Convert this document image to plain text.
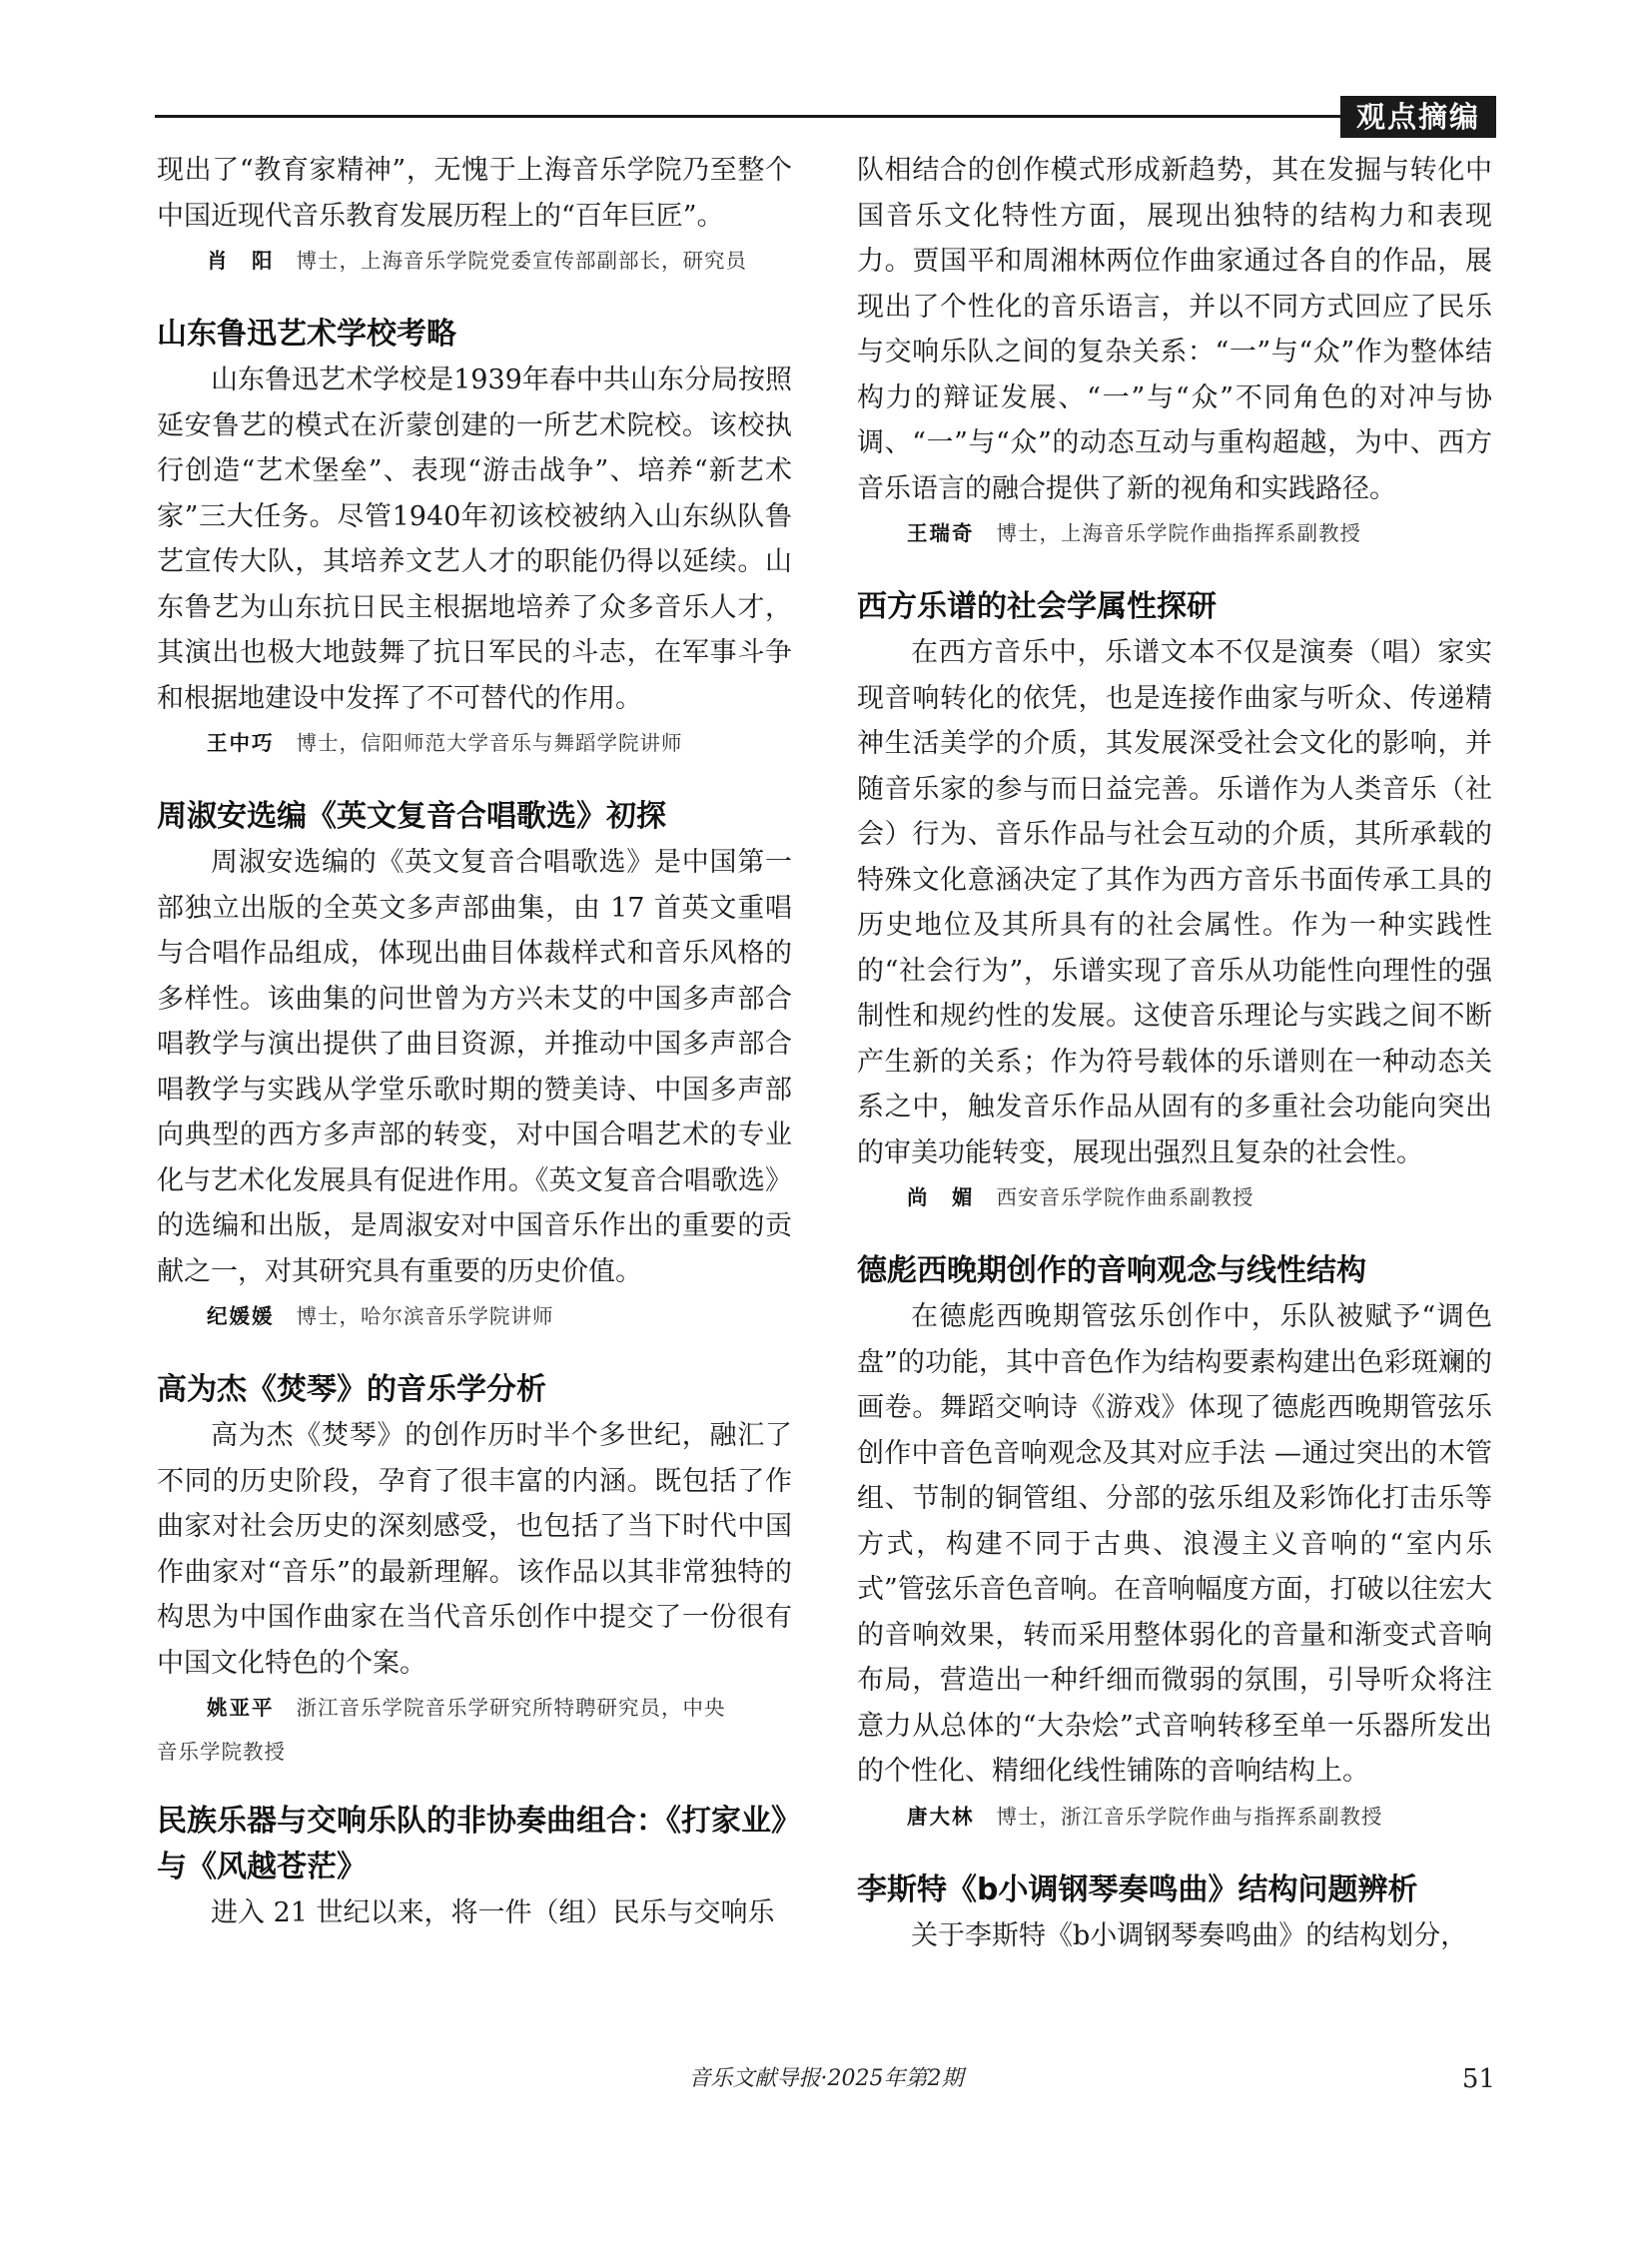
观点摘编

现出了“教育家精神”，无愧于上海音乐学院乃至整个中国近现代音乐教育发展历程上的“百年巨匠”。

肖　阳 博士，上海音乐学院党委宣传部副部长，研究员

山东鲁迅艺术学校考略

山东鲁迅艺术学校是1939年春中共山东分局按照延安鲁艺的模式在沂蒙创建的一所艺术院校。该校执行创造“艺术堡垒”、表现“游击战争”、培养“新艺术家”三大任务。尽管1940年初该校被纳入山东纵队鲁艺宣传大队，其培养文艺人才的职能仍得以延续。山东鲁艺为山东抗日民主根据地培养了众多音乐人才，其演出也极大地鼓舞了抗日军民的斗志，在军事斗争和根据地建设中发挥了不可替代的作用。

王中巧 博士，信阳师范大学音乐与舞蹈学院讲师

周淑安选编《英文复音合唱歌选》初探

周淑安选编的《英文复音合唱歌选》是中国第一部独立出版的全英文多声部曲集，由 17 首英文重唱与合唱作品组成，体现出曲目体裁样式和音乐风格的多样性。该曲集的问世曾为方兴未艾的中国多声部合唱教学与演出提供了曲目资源，并推动中国多声部合唱教学与实践从学堂乐歌时期的赞美诗、中国多声部向典型的西方多声部的转变，对中国合唱艺术的专业化与艺术化发展具有促进作用。《英文复音合唱歌选》的选编和出版，是周淑安对中国音乐作出的重要的贡献之一，对其研究具有重要的历史价值。

纪媛媛 博士，哈尔滨音乐学院讲师

高为杰《焚琴》的音乐学分析

高为杰《焚琴》的创作历时半个多世纪，融汇了不同的历史阶段，孕育了很丰富的内涵。既包括了作曲家对社会历史的深刻感受，也包括了当下时代中国作曲家对“音乐”的最新理解。该作品以其非常独特的构思为中国作曲家在当代音乐创作中提交了一份很有中国文化特色的个案。

姚亚平 浙江音乐学院音乐学研究所特聘研究员，中央
音乐学院教授

民族乐器与交响乐队的非协奏曲组合：《打家业》与《风越苍茫》

进入 21 世纪以来，将一件（组）民乐与交响乐

队相结合的创作模式形成新趋势，其在发掘与转化中国音乐文化特性方面，展现出独特的结构力和表现力。贾国平和周湘林两位作曲家通过各自的作品，展现出了个性化的音乐语言，并以不同方式回应了民乐与交响乐队之间的复杂关系：“一”与“众”作为整体结构力的辩证发展、“一”与“众”不同角色的对冲与协调、“一”与“众”的动态互动与重构超越，为中、西方音乐语言的融合提供了新的视角和实践路径。

王瑞奇 博士，上海音乐学院作曲指挥系副教授

西方乐谱的社会学属性探研

在西方音乐中，乐谱文本不仅是演奏（唱）家实现音响转化的依凭，也是连接作曲家与听众、传递精神生活美学的介质，其发展深受社会文化的影响，并随音乐家的参与而日益完善。乐谱作为人类音乐（社会）行为、音乐作品与社会互动的介质，其所承载的特殊文化意涵决定了其作为西方音乐书面传承工具的历史地位及其所具有的社会属性。作为一种实践性的“社会行为”，乐谱实现了音乐从功能性向理性的强制性和规约性的发展。这使音乐理论与实践之间不断产生新的关系；作为符号载体的乐谱则在一种动态关系之中，触发音乐作品从固有的多重社会功能向突出的审美功能转变，展现出强烈且复杂的社会性。

尚　媚 西安音乐学院作曲系副教授

德彪西晚期创作的音响观念与线性结构

在德彪西晚期管弦乐创作中，乐队被赋予“调色盘”的功能，其中音色作为结构要素构建出色彩斑斓的画卷。舞蹈交响诗《游戏》体现了德彪西晚期管弦乐创作中音色音响观念及其对应手法 —通过突出的木管组、节制的铜管组、分部的弦乐组及彩饰化打击乐等方式，构建不同于古典、浪漫主义音响的“室内乐式”管弦乐音色音响。在音响幅度方面，打破以往宏大的音响效果，转而采用整体弱化的音量和渐变式音响布局，营造出一种纤细而微弱的氛围，引导听众将注意力从总体的“大杂烩”式音响转移至单一乐器所发出的个性化、精细化线性铺陈的音响结构上。

唐大林 博士，浙江音乐学院作曲与指挥系副教授

李斯特《b小调钢琴奏鸣曲》结构问题辨析

关于李斯特《b小调钢琴奏鸣曲》的结构划分，

音乐文献导报·2025年第2期	51
